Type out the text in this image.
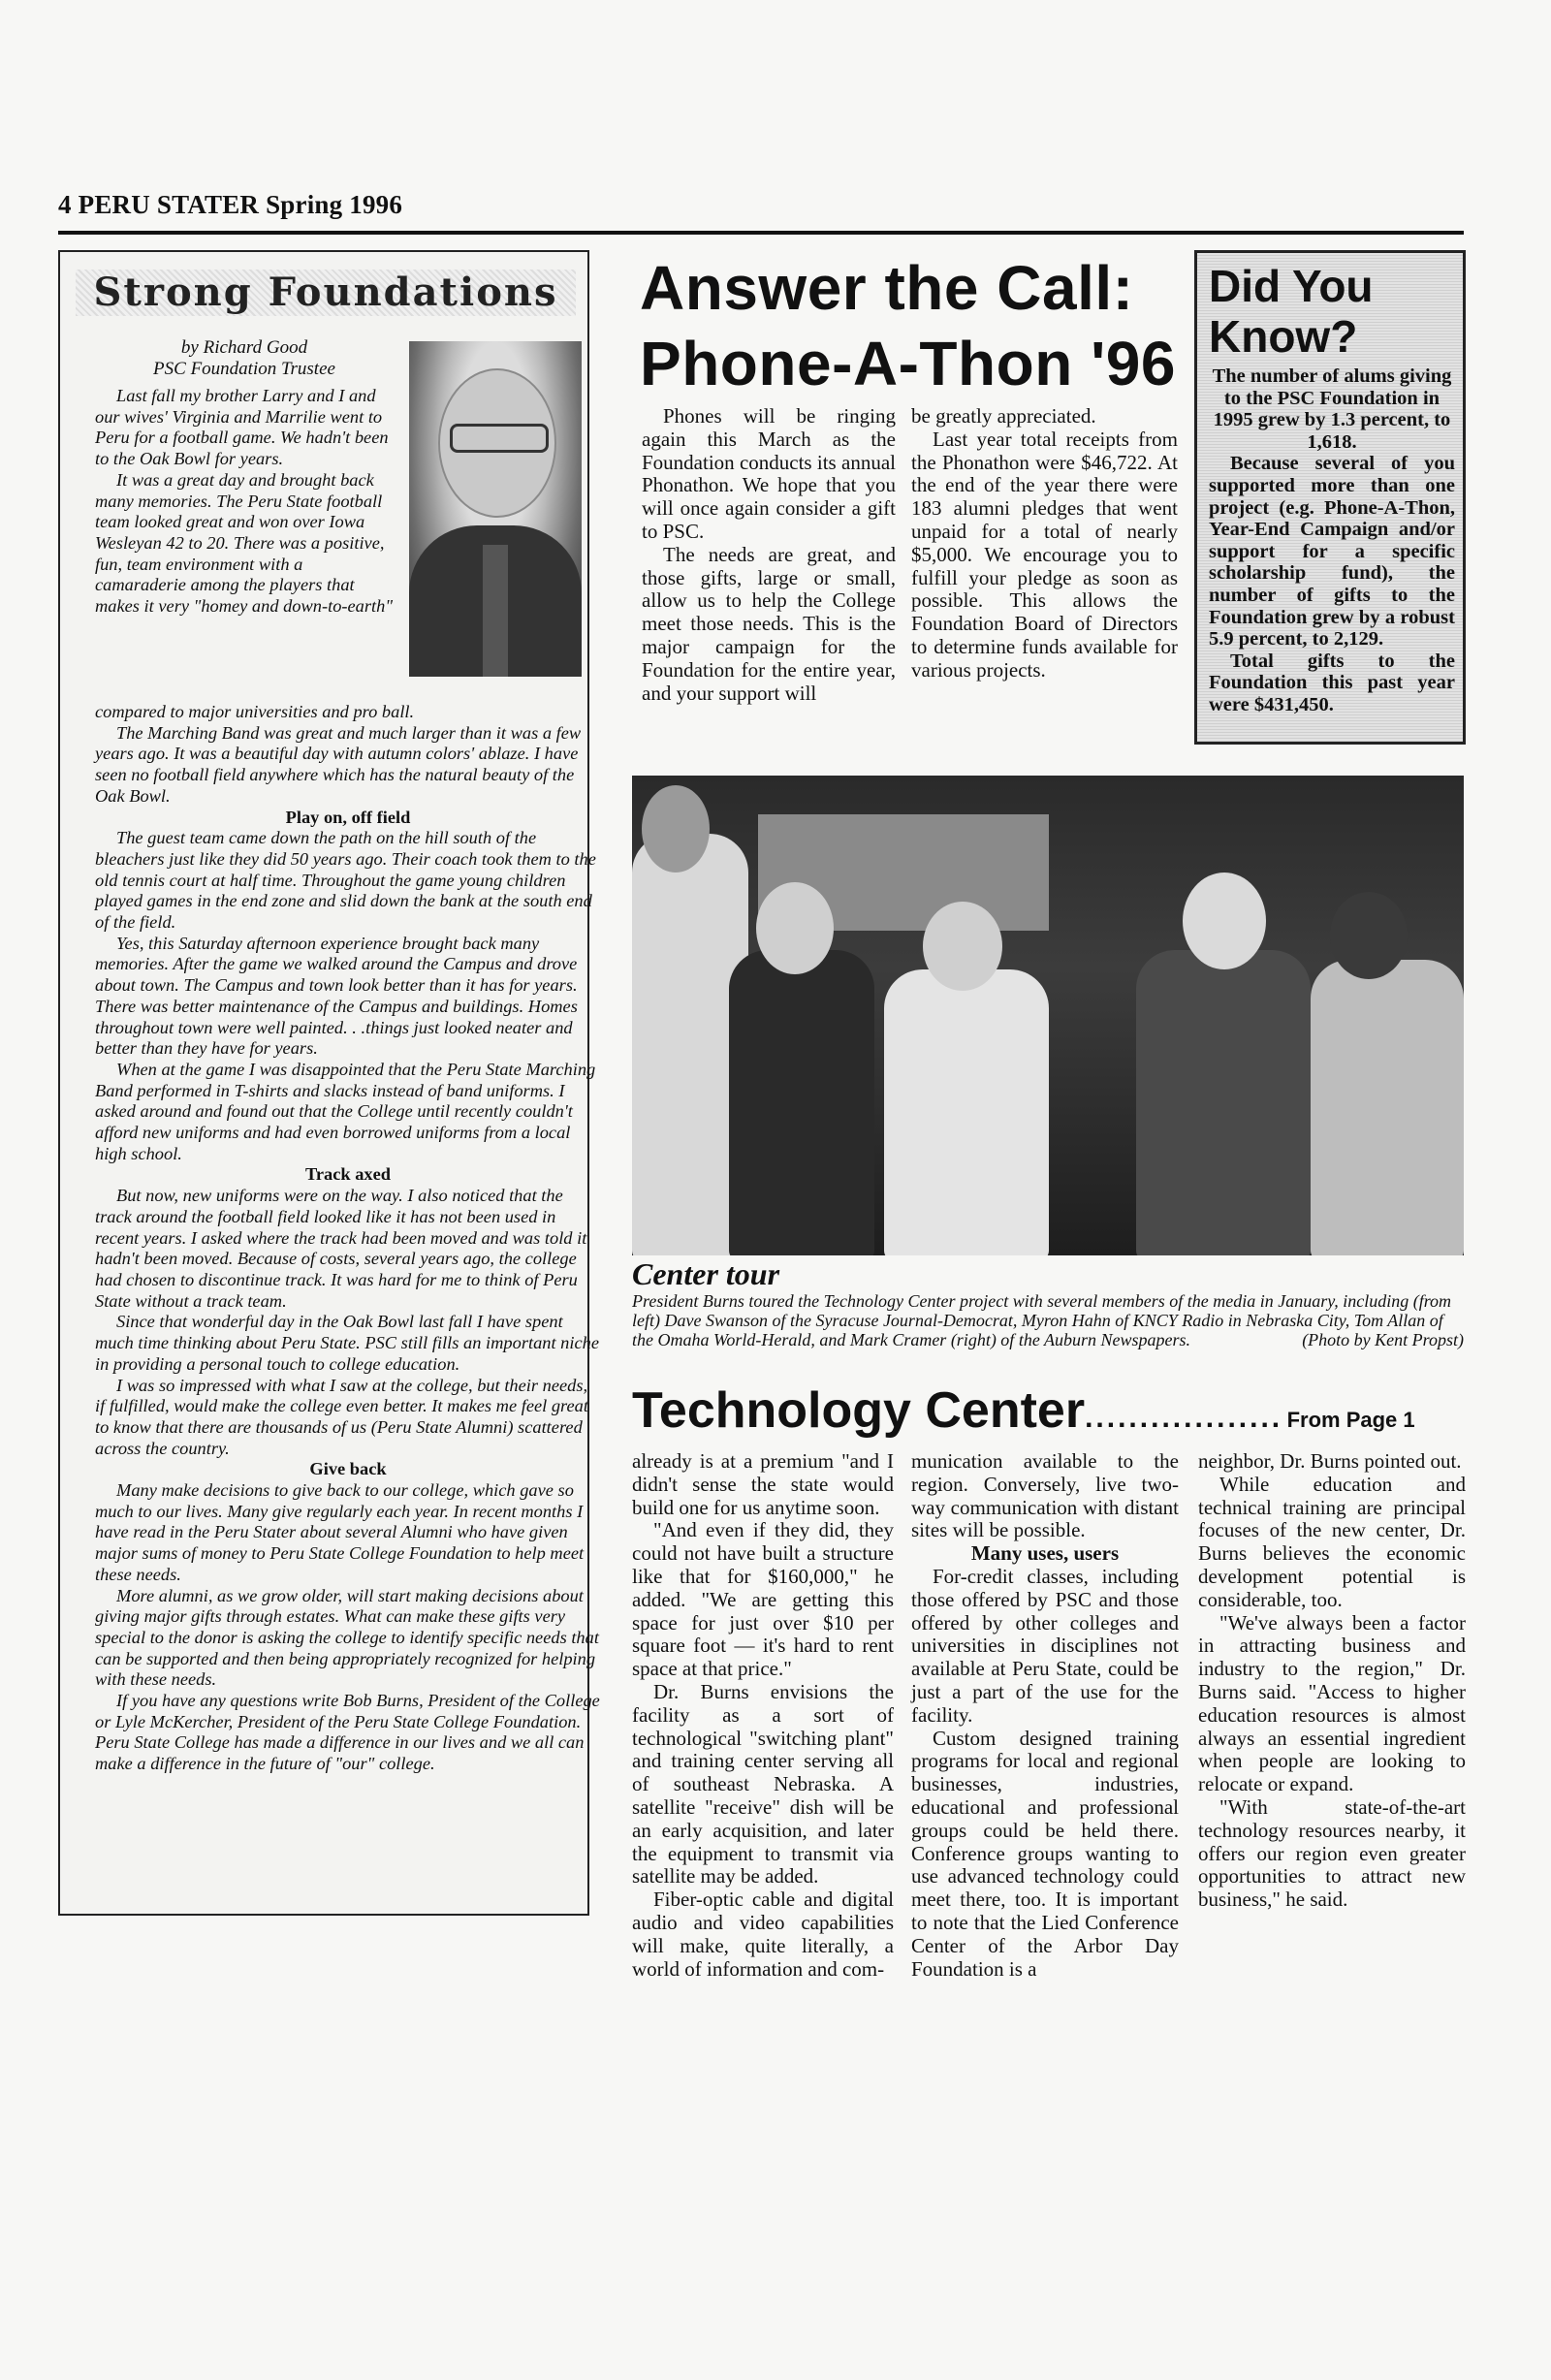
4 PERU STATER Spring 1996
Strong Foundations
by Richard Good
PSC Foundation Trustee

Last fall my brother Larry and I and our wives' Virginia and Marrilie went to Peru for a football game. We hadn't been to the Oak Bowl for years.

It was a great day and brought back many memories. The Peru State football team looked great and won over Iowa Wesleyan 42 to 20. There was a positive, fun, team environment with a camaraderie among the players that makes it very "homey and down-to-earth"

compared to major universities and pro ball.

The Marching Band was great and much larger than it was a few years ago. It was a beautiful day with autumn colors' ablaze. I have seen no football field anywhere which has the natural beauty of the Oak Bowl.

Play on, off field

The guest team came down the path on the hill south of the bleachers just like they did 50 years ago. Their coach took them to the old tennis court at half time. Throughout the game young children played games in the end zone and slid down the bank at the south end of the field.

Yes, this Saturday afternoon experience brought back many memories. After the game we walked around the Campus and drove about town. The Campus and town look better than it has for years. There was better maintenance of the Campus and buildings. Homes throughout town were well painted. . .things just looked neater and better than they have for years.

When at the game I was disappointed that the Peru State Marching Band performed in T-shirts and slacks instead of band uniforms. I asked around and found out that the College until recently couldn't afford new uniforms and had even borrowed uniforms from a local high school.

Track axed

But now, new uniforms were on the way. I also noticed that the track around the football field looked like it has not been used in recent years. I asked where the track had been moved and was told it hadn't been moved. Because of costs, several years ago, the college had chosen to discontinue track. It was hard for me to think of Peru State without a track team.

Since that wonderful day in the Oak Bowl last fall I have spent much time thinking about Peru State. PSC still fills an important niche in providing a personal touch to college education.

I was so impressed with what I saw at the college, but their needs, if fulfilled, would make the college even better. It makes me feel great to know that there are thousands of us (Peru State Alumni) scattered across the country.

Give back

Many make decisions to give back to our college, which gave so much to our lives. Many give regularly each year. In recent months I have read in the Peru Stater about several Alumni who have given major sums of money to Peru State College Foundation to help meet these needs.

More alumni, as we grow older, will start making decisions about giving major gifts through estates. What can make these gifts very special to the donor is asking the college to identify specific needs that can be supported and then being appropriately recognized for helping with these needs.

If you have any questions write Bob Burns, President of the College or Lyle McKercher, President of the Peru State College Foundation. Peru State College has made a difference in our lives and we all can make a difference in the future of "our" college.

Answer the Call:
Phone-A-Thon '96

Phones will be ringing again this March as the Foundation conducts its annual Phonathon. We hope that you will once again consider a gift to PSC.

The needs are great, and those gifts, large or small, allow us to help the College meet those needs. This is the major campaign for the Foundation for the entire year, and your support will

be greatly appreciated.

Last year total receipts from the Phonathon were $46,722. At the end of the year there were 183 alumni pledges that went unpaid for a total of nearly $5,000. We encourage you to fulfill your pledge as soon as possible. This allows the Foundation Board of Directors to determine funds available for various projects.

Did You Know?

The number of alums giving to the PSC Foundation in 1995 grew by 1.3 percent, to 1,618.

Because several of you supported more than one project (e.g. Phone-A-Thon, Year-End Campaign and/or support for a specific scholarship fund), the number of gifts to the Foundation grew by a robust 5.9 percent, to 2,129.

Total gifts to the Foundation this past year were $431,450.

Center tour
President Burns toured the Technology Center project with several members of the media in January, including (from left) Dave Swanson of the Syracuse Journal-Democrat, Myron Hahn of KNCY Radio in Nebraska City, Tom Allan of the Omaha World-Herald, and Mark Cramer (right) of the Auburn Newspapers.	(Photo by Kent Propst)
Technology Center.................. From Page 1

already is at a premium "and I didn't sense the state would build one for us anytime soon.

"And even if they did, they could not have built a structure like that for $160,000," he added. "We are getting this space for just over $10 per square foot — it's hard to rent space at that price."

Dr. Burns envisions the facility as a sort of technological "switching plant" and training center serving all of southeast Nebraska. A satellite "receive" dish will be an early acquisition, and later the equipment to transmit via satellite may be added.

Fiber-optic cable and digital audio and video capabilities will make, quite literally, a world of information and com-

munication available to the region. Conversely, live two-way communication with distant sites will be possible.

Many uses, users

For-credit classes, including those offered by PSC and those offered by other colleges and universities in disciplines not available at Peru State, could be just a part of the use for the facility.

Custom designed training programs for local and regional businesses, industries, educational and professional groups could be held there. Conference groups wanting to use advanced technology could meet there, too. It is important to note that the Lied Conference Center of the Arbor Day Foundation is a

neighbor, Dr. Burns pointed out.

While education and technical training are principal focuses of the new center, Dr. Burns believes the economic development potential is considerable, too.

"We've always been a factor in attracting business and industry to the region," Dr. Burns said. "Access to higher education resources is almost always an essential ingredient when people are looking to relocate or expand.

"With state-of-the-art technology resources nearby, it offers our region even greater opportunities to attract new business," he said.
